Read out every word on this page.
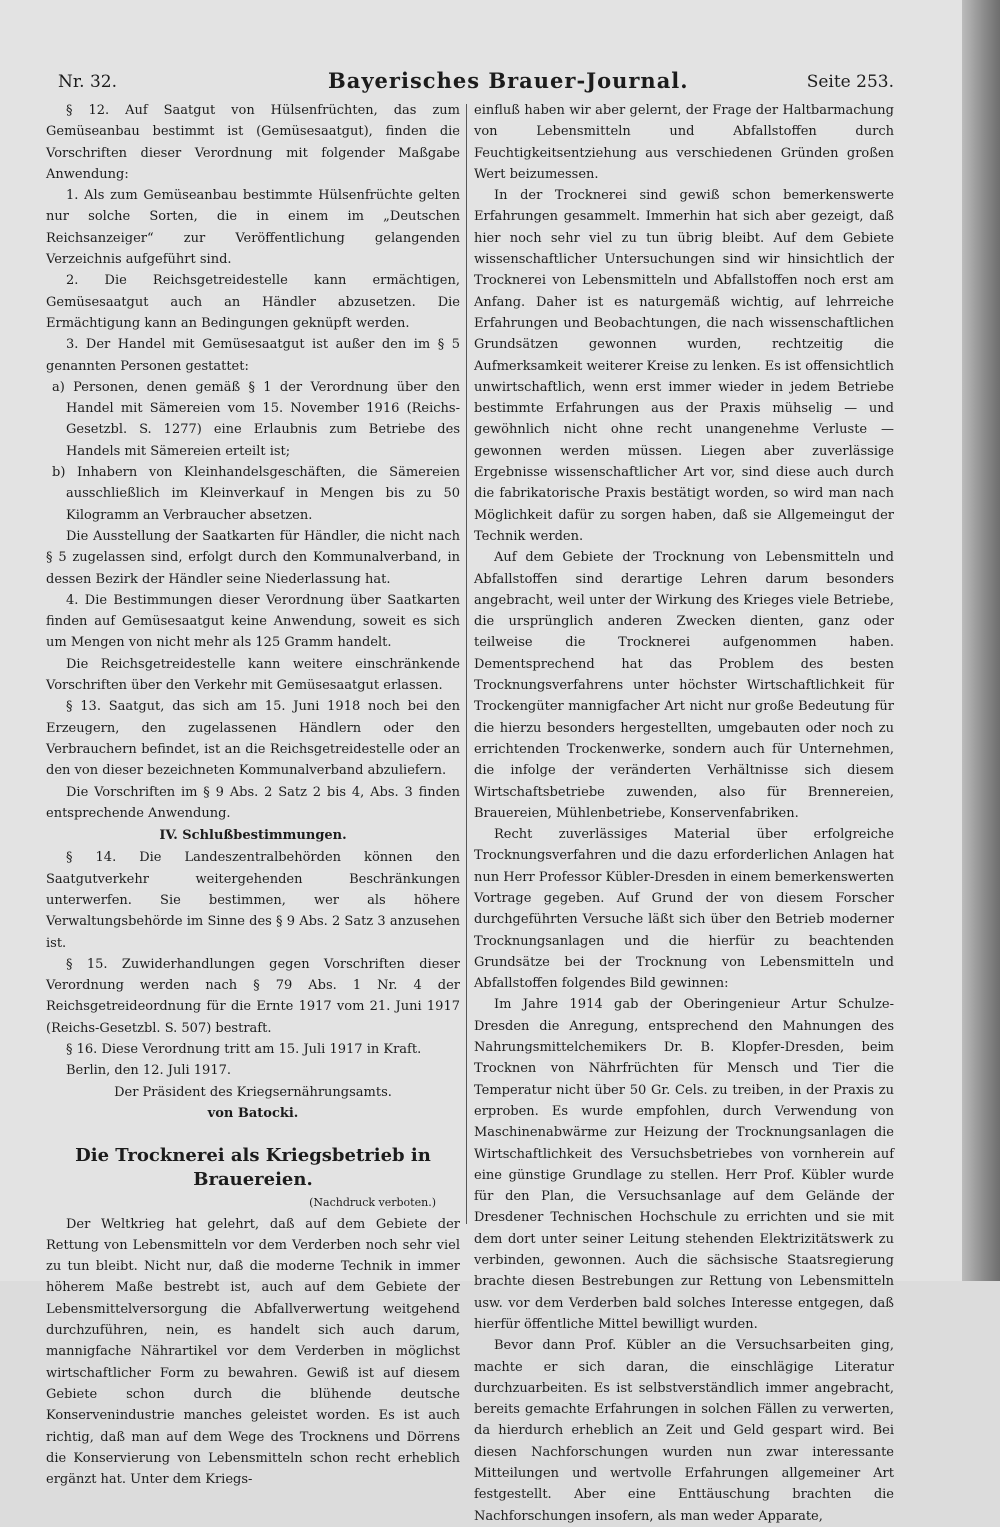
Nr. 32.	Bayerisches Brauer-Journal.	Seite 253.

§ 12. Auf Saatgut von Hülsenfrüchten, das zum Gemüseanbau bestimmt ist (Gemüsesaatgut), finden die Vorschriften dieser Verordnung mit folgender Maßgabe Anwendung:

1. Als zum Gemüseanbau bestimmte Hülsenfrüchte gelten nur solche Sorten, die in einem im „Deutschen Reichsanzeiger“ zur Veröffentlichung gelangenden Verzeichnis aufgeführt sind.

2. Die Reichsgetreidestelle kann ermächtigen, Gemüsesaatgut auch an Händler abzusetzen. Die Ermächtigung kann an Bedingungen geknüpft werden.

3. Der Handel mit Gemüsesaatgut ist außer den im § 5 genannten Personen gestattet:

a) Personen, denen gemäß § 1 der Verordnung über den Handel mit Sämereien vom 15. November 1916 (Reichs-Gesetzbl. S. 1277) eine Erlaubnis zum Betriebe des Handels mit Sämereien erteilt ist;

b) Inhabern von Kleinhandelsgeschäften, die Sämereien ausschließlich im Kleinverkauf in Mengen bis zu 50 Kilogramm an Verbraucher absetzen.

Die Ausstellung der Saatkarten für Händler, die nicht nach § 5 zugelassen sind, erfolgt durch den Kommunalverband, in dessen Bezirk der Händler seine Niederlassung hat.

4. Die Bestimmungen dieser Verordnung über Saatkarten finden auf Gemüsesaatgut keine Anwendung, soweit es sich um Mengen von nicht mehr als 125 Gramm handelt.

Die Reichsgetreidestelle kann weitere einschränkende Vorschriften über den Verkehr mit Gemüsesaatgut erlassen.

§ 13. Saatgut, das sich am 15. Juni 1918 noch bei den Erzeugern, den zugelassenen Händlern oder den Verbrauchern befindet, ist an die Reichsgetreidestelle oder an den von dieser bezeichneten Kommunalverband abzuliefern.

Die Vorschriften im § 9 Abs. 2 Satz 2 bis 4, Abs. 3 finden entsprechende Anwendung.

IV. Schlußbestimmungen.

§ 14. Die Landeszentralbehörden können den Saatgutverkehr weitergehenden Beschränkungen unterwerfen. Sie bestimmen, wer als höhere Verwaltungsbehörde im Sinne des § 9 Abs. 2 Satz 3 anzusehen ist.

§ 15. Zuwiderhandlungen gegen Vorschriften dieser Verordnung werden nach § 79 Abs. 1 Nr. 4 der Reichsgetreideordnung für die Ernte 1917 vom 21. Juni 1917 (Reichs-Gesetzbl. S. 507) bestraft.

§ 16. Diese Verordnung tritt am 15. Juli 1917 in Kraft.

Berlin, den 12. Juli 1917.

Der Präsident des Kriegsernährungsamts.

von Batocki.

Die Trocknerei als Kriegsbetrieb in Brauereien.

(Nachdruck verboten.)

Der Weltkrieg hat gelehrt, daß auf dem Gebiete der Rettung von Lebensmitteln vor dem Verderben noch sehr viel zu tun bleibt. Nicht nur, daß die moderne Technik in immer höherem Maße bestrebt ist, auch auf dem Gebiete der Lebensmittelversorgung die Abfallverwertung weitgehend durchzuführen, nein, es handelt sich auch darum, mannigfache Nährartikel vor dem Verderben in möglichst wirtschaftlicher Form zu bewahren. Gewiß ist auf diesem Gebiete schon durch die blühende deutsche Konservenindustrie manches geleistet worden. Es ist auch richtig, daß man auf dem Wege des Trocknens und Dörrens die Konservierung von Lebensmitteln schon recht erheblich ergänzt hat. Unter dem Kriegs-

einfluß haben wir aber gelernt, der Frage der Haltbarmachung von Lebensmitteln und Abfallstoffen durch Feuchtigkeitsentziehung aus verschiedenen Gründen großen Wert beizumessen.

In der Trocknerei sind gewiß schon bemerkenswerte Erfahrungen gesammelt. Immerhin hat sich aber gezeigt, daß hier noch sehr viel zu tun übrig bleibt. Auf dem Gebiete wissenschaftlicher Untersuchungen sind wir hinsichtlich der Trocknerei von Lebensmitteln und Abfallstoffen noch erst am Anfang. Daher ist es naturgemäß wichtig, auf lehrreiche Erfahrungen und Beobachtungen, die nach wissenschaftlichen Grundsätzen gewonnen wurden, rechtzeitig die Aufmerksamkeit weiterer Kreise zu lenken. Es ist offensichtlich unwirtschaftlich, wenn erst immer wieder in jedem Betriebe bestimmte Erfahrungen aus der Praxis mühselig — und gewöhnlich nicht ohne recht unangenehme Verluste — gewonnen werden müssen. Liegen aber zuverlässige Ergebnisse wissenschaftlicher Art vor, sind diese auch durch die fabrikatorische Praxis bestätigt worden, so wird man nach Möglichkeit dafür zu sorgen haben, daß sie Allgemeingut der Technik werden.

Auf dem Gebiete der Trocknung von Lebensmitteln und Abfallstoffen sind derartige Lehren darum besonders angebracht, weil unter der Wirkung des Krieges viele Betriebe, die ursprünglich anderen Zwecken dienten, ganz oder teilweise die Trocknerei aufgenommen haben. Dementsprechend hat das Problem des besten Trocknungsverfahrens unter höchster Wirtschaftlichkeit für Trockengüter mannigfacher Art nicht nur große Bedeutung für die hierzu besonders hergestellten, umgebauten oder noch zu errichtenden Trockenwerke, sondern auch für Unternehmen, die infolge der veränderten Verhältnisse sich diesem Wirtschaftsbetriebe zuwenden, also für Brennereien, Brauereien, Mühlenbetriebe, Konservenfabriken.

Recht zuverlässiges Material über erfolgreiche Trocknungsverfahren und die dazu erforderlichen Anlagen hat nun Herr Professor Kübler-Dresden in einem bemerkenswerten Vortrage gegeben. Auf Grund der von diesem Forscher durchgeführten Versuche läßt sich über den Betrieb moderner Trocknungsanlagen und die hierfür zu beachtenden Grundsätze bei der Trocknung von Lebensmitteln und Abfallstoffen folgendes Bild gewinnen:

Im Jahre 1914 gab der Oberingenieur Artur Schulze-Dresden die Anregung, entsprechend den Mahnungen des Nahrungsmittelchemikers Dr. B. Klopfer-Dresden, beim Trocknen von Nährfrüchten für Mensch und Tier die Temperatur nicht über 50 Gr. Cels. zu treiben, in der Praxis zu erproben. Es wurde empfohlen, durch Verwendung von Maschinenabwärme zur Heizung der Trocknungsanlagen die Wirtschaftlichkeit des Versuchsbetriebes von vornherein auf eine günstige Grundlage zu stellen. Herr Prof. Kübler wurde für den Plan, die Versuchsanlage auf dem Gelände der Dresdener Technischen Hochschule zu errichten und sie mit dem dort unter seiner Leitung stehenden Elektrizitätswerk zu verbinden, gewonnen. Auch die sächsische Staatsregierung brachte diesen Bestrebungen zur Rettung von Lebensmitteln usw. vor dem Verderben bald solches Interesse entgegen, daß hierfür öffentliche Mittel bewilligt wurden.

Bevor dann Prof. Kübler an die Versuchsarbeiten ging, machte er sich daran, die einschlägige Literatur durchzuarbeiten. Es ist selbstverständlich immer angebracht, bereits gemachte Erfahrungen in solchen Fällen zu verwerten, da hierdurch erheblich an Zeit und Geld gespart wird. Bei diesen Nachforschungen wurden nun zwar interessante Mitteilungen und wertvolle Erfahrungen allgemeiner Art festgestellt. Aber eine Enttäuschung brachten die Nachforschungen insofern, als man weder Apparate,
